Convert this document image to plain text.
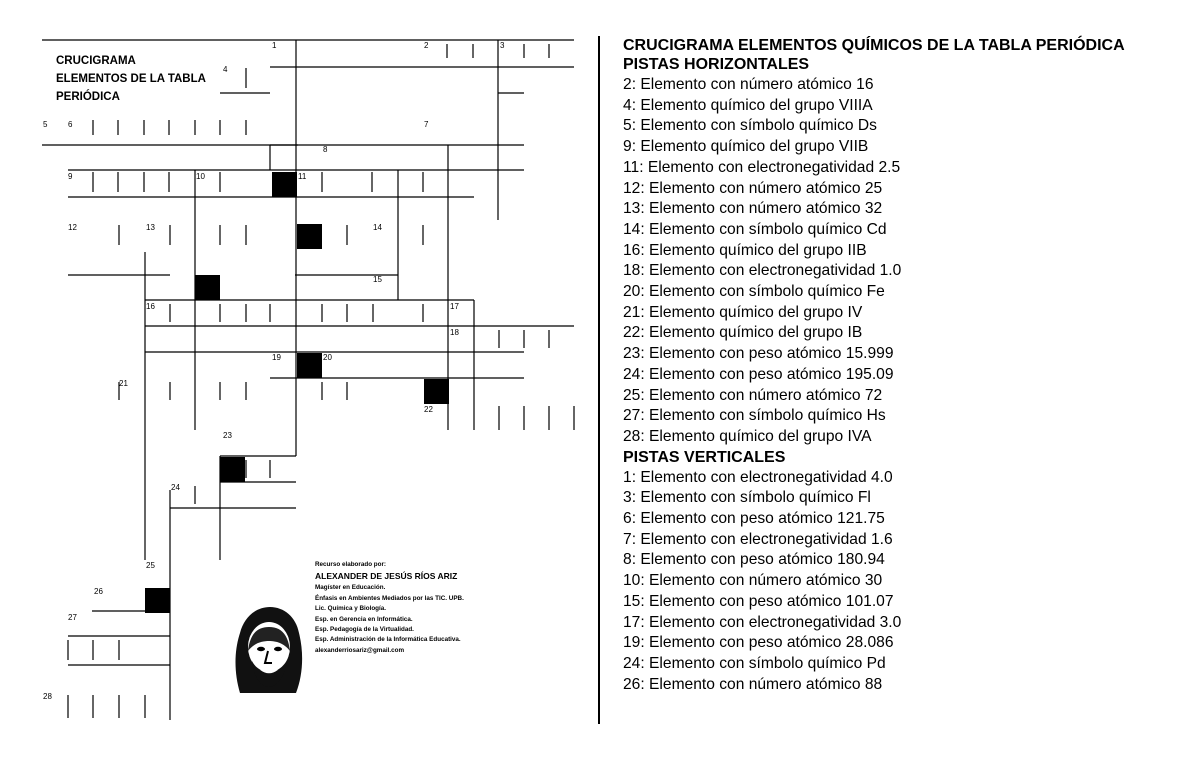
1	2	3
4
5	6	7
8
9	10	11
12	13	14
15
16	17
18
19	20
21
22
23
24
25
26
27
28
CRUCIGRAMA
ELEMENTOS DE LA TABLA
PERIÓDICA
Recurso elaborado por:
ALEXANDER DE JESÚS RÍOS ARIZ
Magíster en Educación.
Énfasis en Ambientes Mediados por las TIC. UPB.
Lic. Química y Biología.
Esp. en Gerencia en Informática.
Esp. Pedagogía de la Virtualidad.
Esp. Administración de la Informática Educativa.
alexanderriosariz@gmail.com
CRUCIGRAMA ELEMENTOS QUÍMICOS DE LA TABLA PERIÓDICA
PISTAS HORIZONTALES
2 : Elemento con número atómico 16
4 : Elemento químico del grupo VIIIA
5 : Elemento con símbolo químico Ds
9 : Elemento químico del grupo VIIB
11 : Elemento con electronegatividad 2.5
12 : Elemento con número atómico 25
13 : Elemento con número atómico 32
14 : Elemento con símbolo químico Cd
16 : Elemento químico del grupo IIB
18 : Elemento con electronegatividad 1.0
20 : Elemento con símbolo químico Fe
21 : Elemento químico del grupo IV
22 : Elemento químico del grupo IB
23 : Elemento con peso atómico 15.999
24 : Elemento con peso atómico 195.09
25 : Elemento con número atómico 72
27 : Elemento con símbolo químico Hs
28 : Elemento químico del grupo IVA
PISTAS VERTICALES
1 : Elemento con electronegatividad 4.0
3 : Elemento con símbolo químico Fl
6 : Elemento con peso atómico 121.75
7 : Elemento con electronegatividad 1.6
8 : Elemento con peso atómico 180.94
10 : Elemento con número atómico 30
15 : Elemento con peso atómico 101.07
17 : Elemento con electronegatividad 3.0
19 : Elemento con peso atómico 28.086
24 : Elemento con símbolo químico Pd
26 : Elemento con número atómico 88
